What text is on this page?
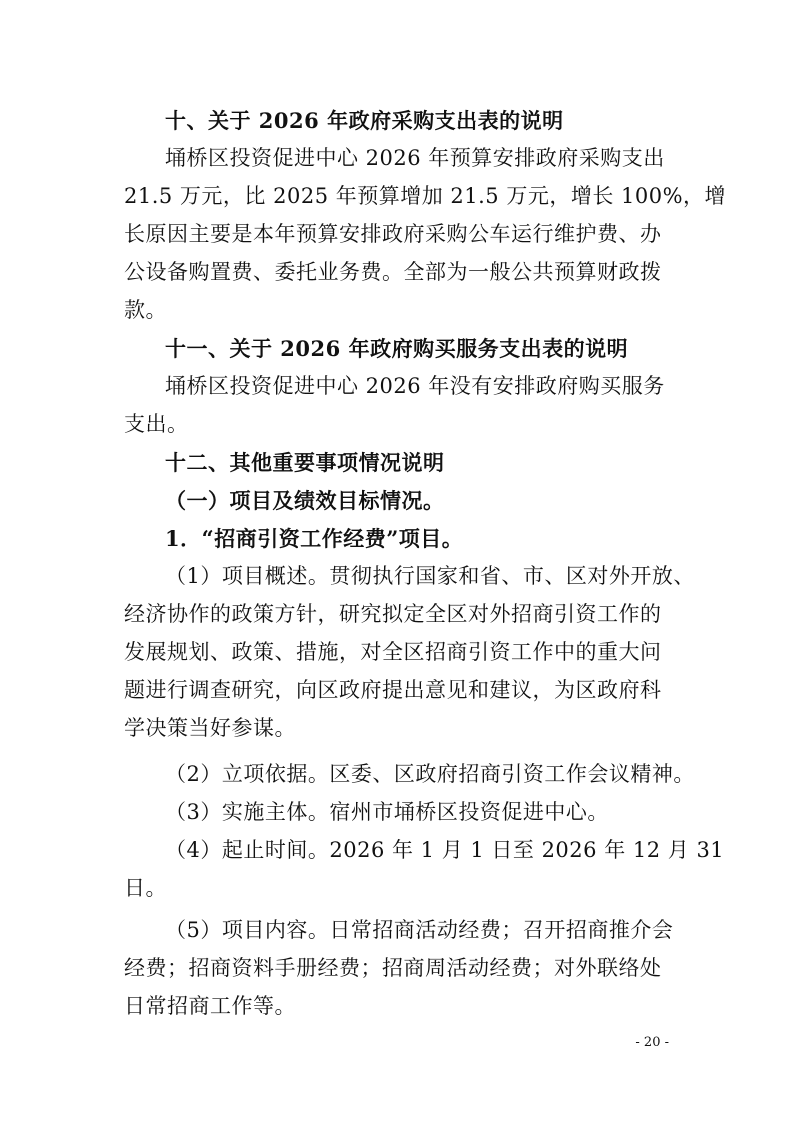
十、关于 2026 年政府采购支出表的说明
埇桥区投资促进中心 2026 年预算安排政府采购支出
21.5 万元，比 2025 年预算增加 21.5 万元，增长 100%，增
长原因主要是本年预算安排政府采购公车运行维护费、办
公设备购置费、委托业务费。全部为一般公共预算财政拨
款。
十一、关于 2026 年政府购买服务支出表的说明
埇桥区投资促进中心 2026 年没有安排政府购买服务
支出。
十二、其他重要事项情况说明
（一）项目及绩效目标情况。
1．“招商引资工作经费”项目。
（1）项目概述。贯彻执行国家和省、市、区对外开放、
经济协作的政策方针，研究拟定全区对外招商引资工作的
发展规划、政策、措施，对全区招商引资工作中的重大问
题进行调查研究，向区政府提出意见和建议，为区政府科
学决策当好参谋。
（2）立项依据。区委、区政府招商引资工作会议精神。
（3）实施主体。宿州市埇桥区投资促进中心。
（4）起止时间。2026 年 1 月 1 日至 2026 年 12 月 31
日。
（5）项目内容。日常招商活动经费；召开招商推介会
经费；招商资料手册经费；招商周活动经费；对外联络处
日常招商工作等。
- 20 -
